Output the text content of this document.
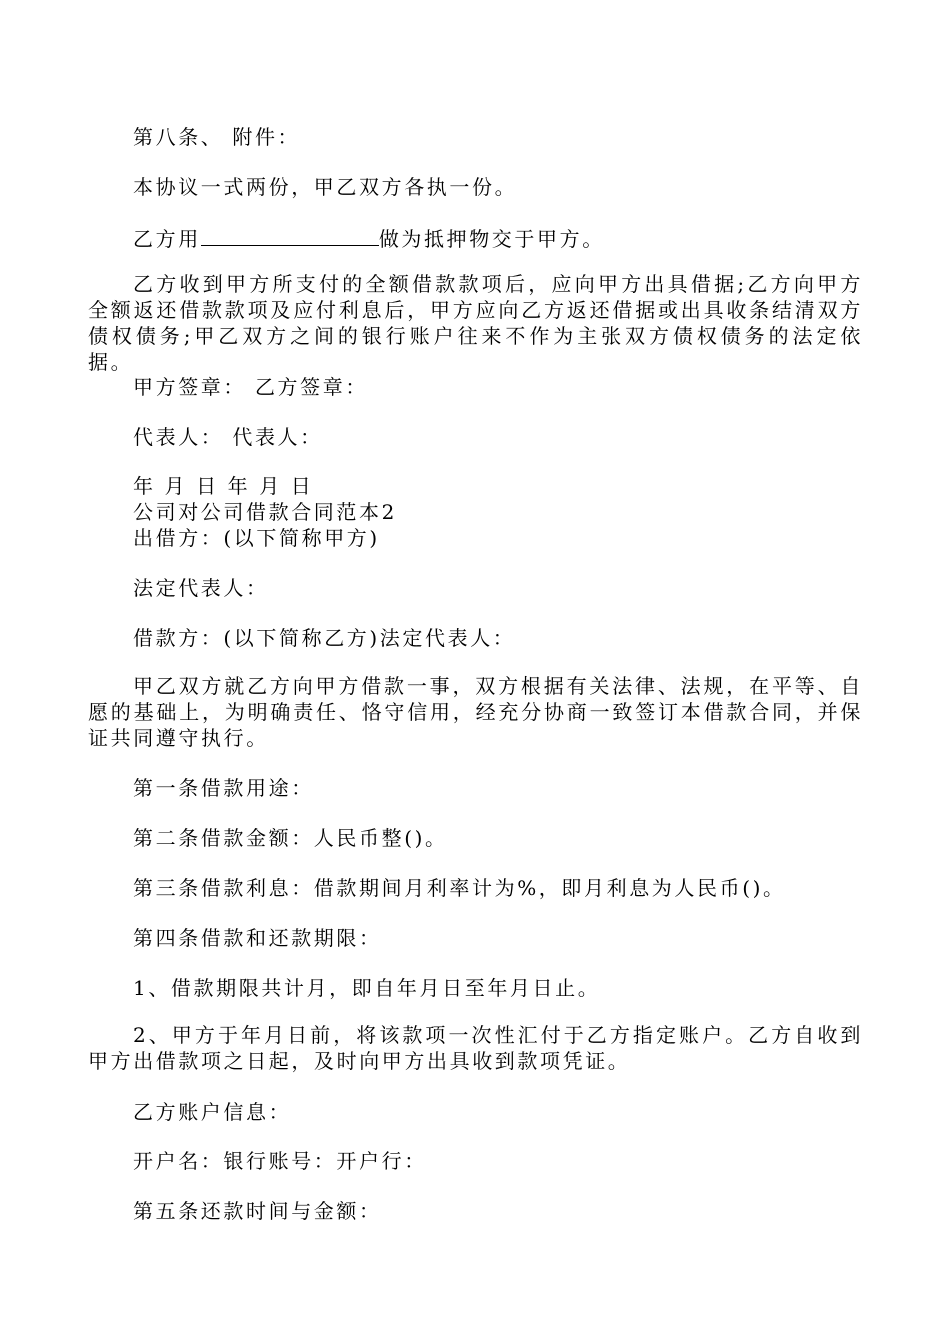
第八条、 附件：
本协议一式两份，甲乙双方各执一份。
乙方用	做为抵押物交于甲方。
乙方收到甲方所支付的全额借款款项后，应向甲方出具借据;乙方向甲方全额返还借款款项及应付利息后，甲方应向乙方返还借据或出具收条结清双方债权债务;甲乙双方之间的银行账户往来不作为主张双方债权债务的法定依据。
甲方签章： 乙方签章：
代表人： 代表人：
年 月 日 年 月 日
公司对公司借款合同范本2
出借方：(以下简称甲方)
法定代表人：
借款方：(以下简称乙方)法定代表人：
甲乙双方就乙方向甲方借款一事，双方根据有关法律、法规，在平等、自愿的基础上，为明确责任、恪守信用，经充分协商一致签订本借款合同，并保证共同遵守执行。
第一条借款用途：
第二条借款金额：人民币整()。
第三条借款利息：借款期间月利率计为%，即月利息为人民币()。
第四条借款和还款期限：
1、借款期限共计月，即自年月日至年月日止。
2、甲方于年月日前，将该款项一次性汇付于乙方指定账户。乙方自收到甲方出借款项之日起，及时向甲方出具收到款项凭证。
乙方账户信息：
开户名：银行账号：开户行：
第五条还款时间与金额：
